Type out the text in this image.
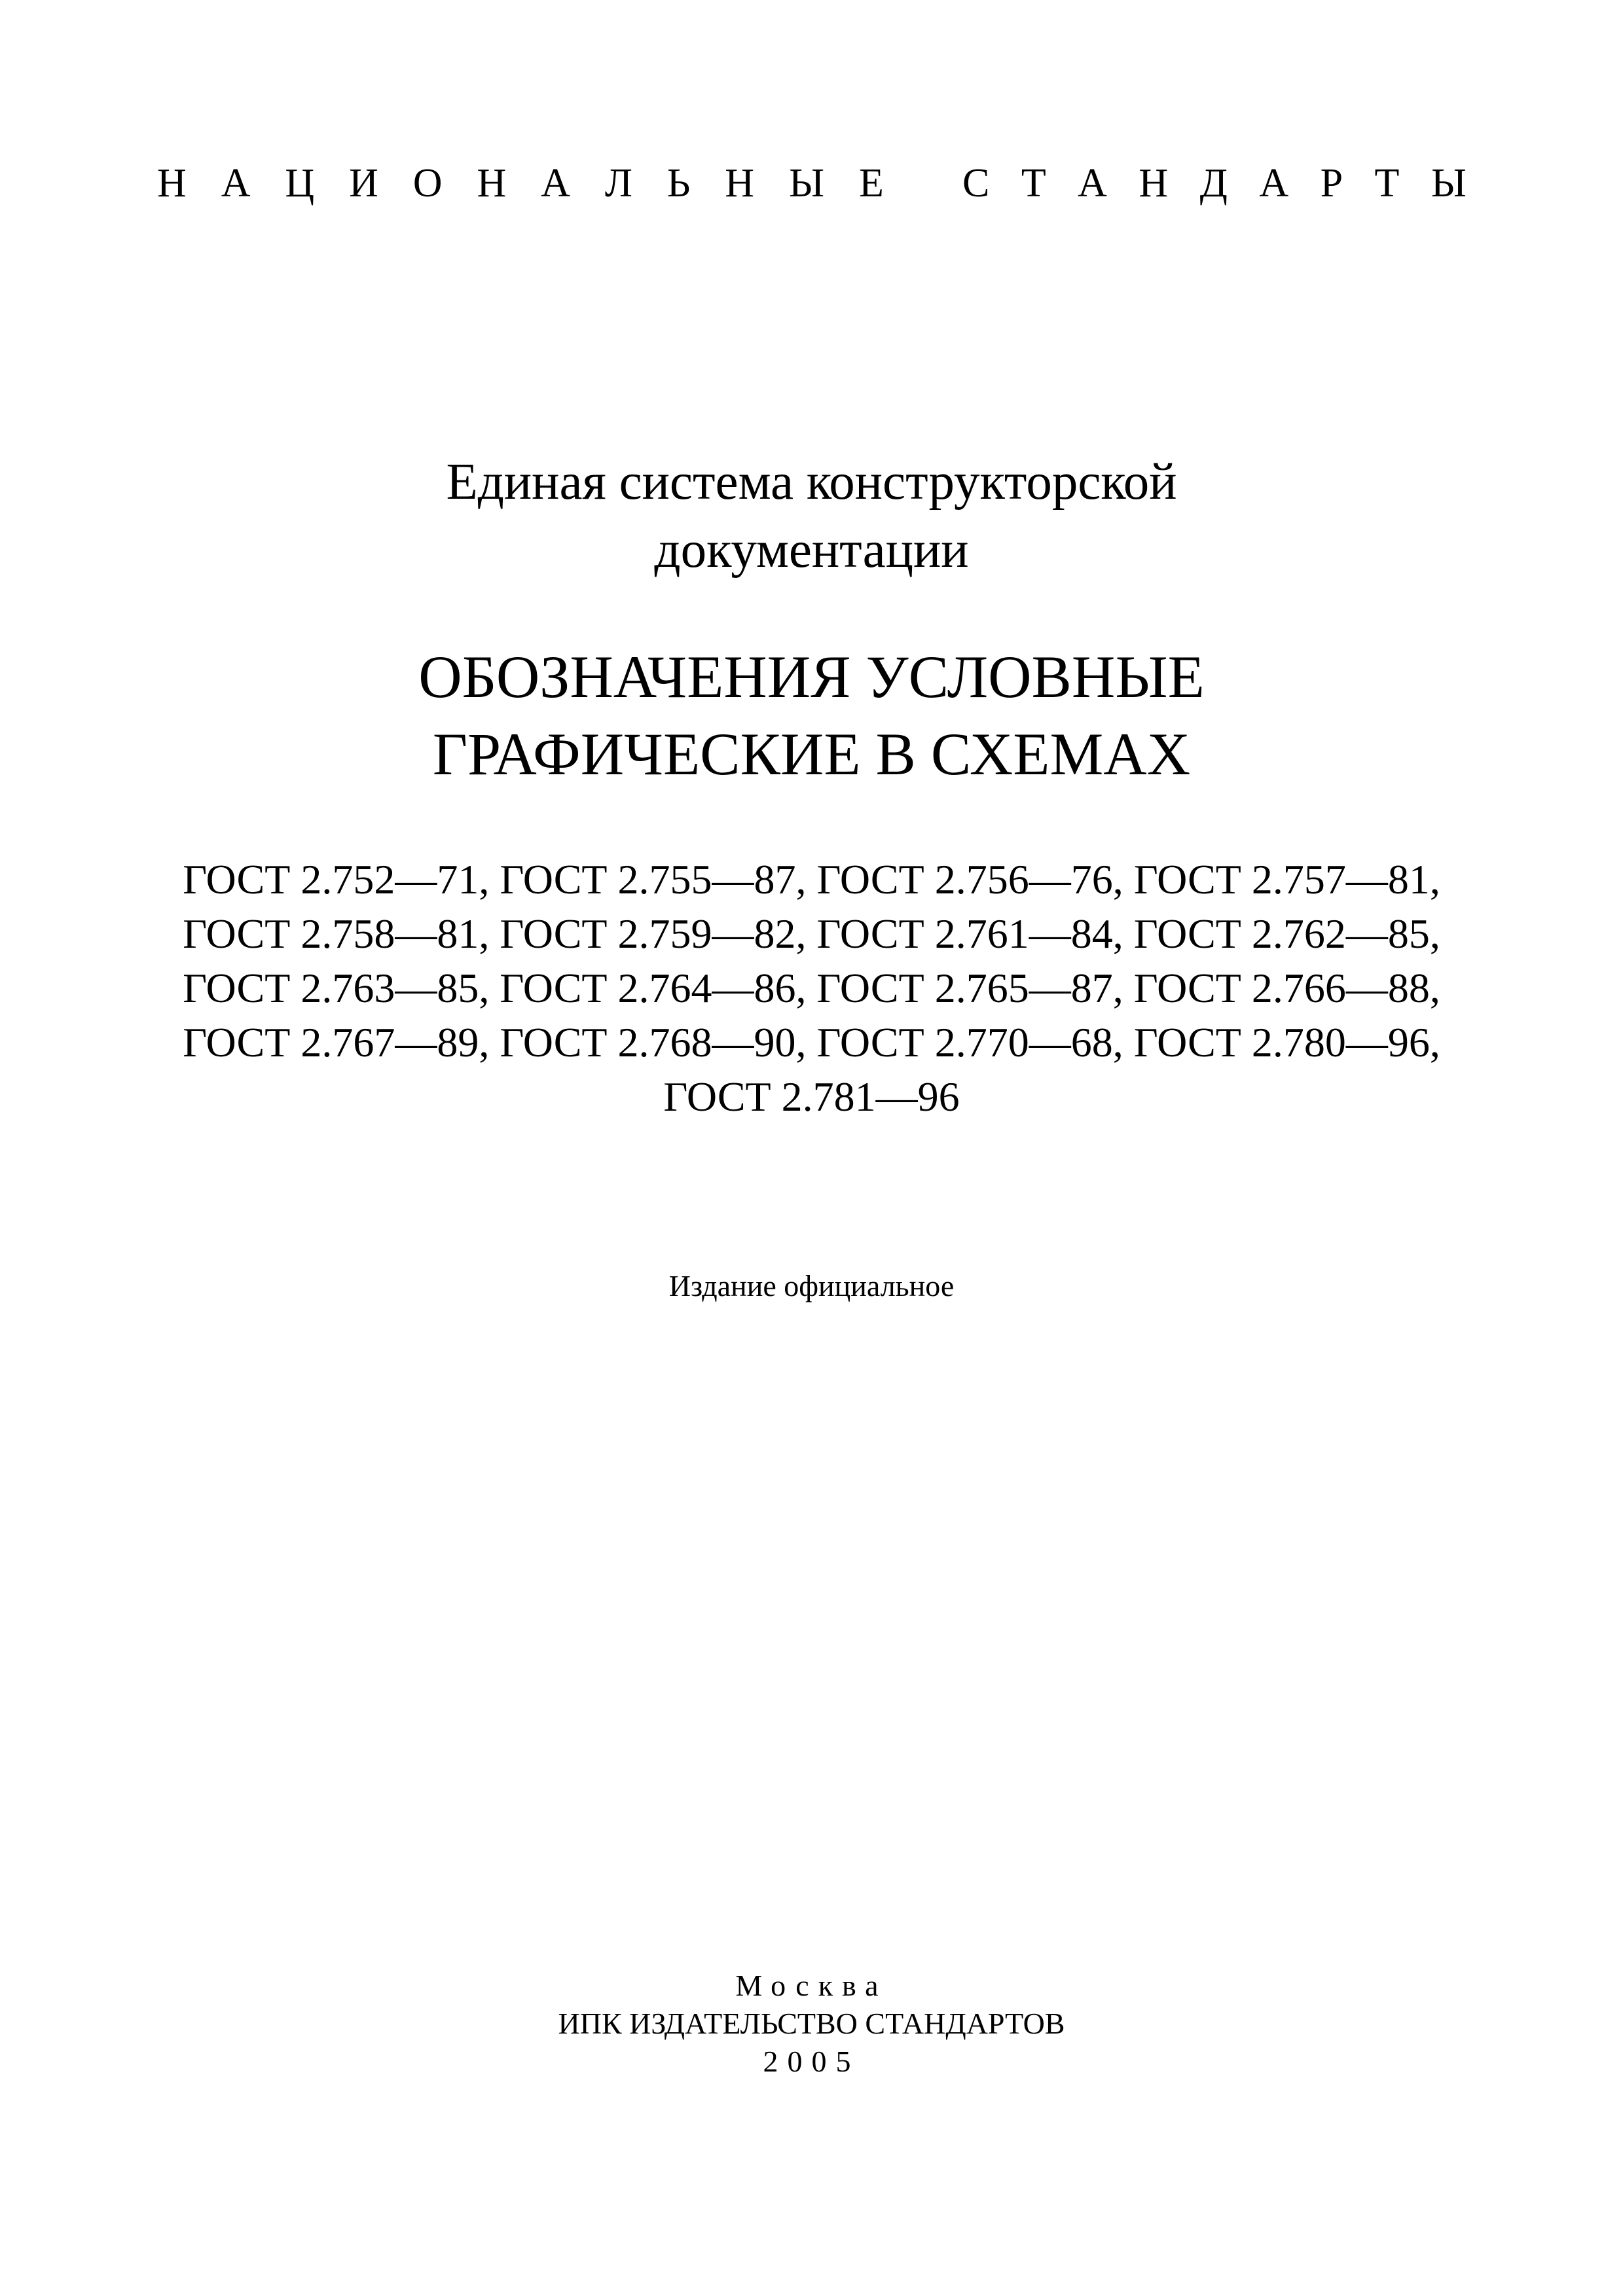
Н А Ц И О Н А Л Ь Н Ы Е С Т А Н Д А Р Т Ы
Единая система конструкторской
документации
ОБОЗНАЧЕНИЯ УСЛОВНЫЕ
ГРАФИЧЕСКИЕ В СХЕМАХ
ГОСТ 2.752—71, ГОСТ 2.755—87, ГОСТ 2.756—76, ГОСТ 2.757—81,
ГОСТ 2.758—81, ГОСТ 2.759—82, ГОСТ 2.761—84, ГОСТ 2.762—85,
ГОСТ 2.763—85, ГОСТ 2.764—86, ГОСТ 2.765—87, ГОСТ 2.766—88,
ГОСТ 2.767—89, ГОСТ 2.768—90, ГОСТ 2.770—68, ГОСТ 2.780—96,
ГОСТ 2.781—96
Издание официальное
Москва
ИПК ИЗДАТЕЛЬСТВО СТАНДАРТОВ
2005
